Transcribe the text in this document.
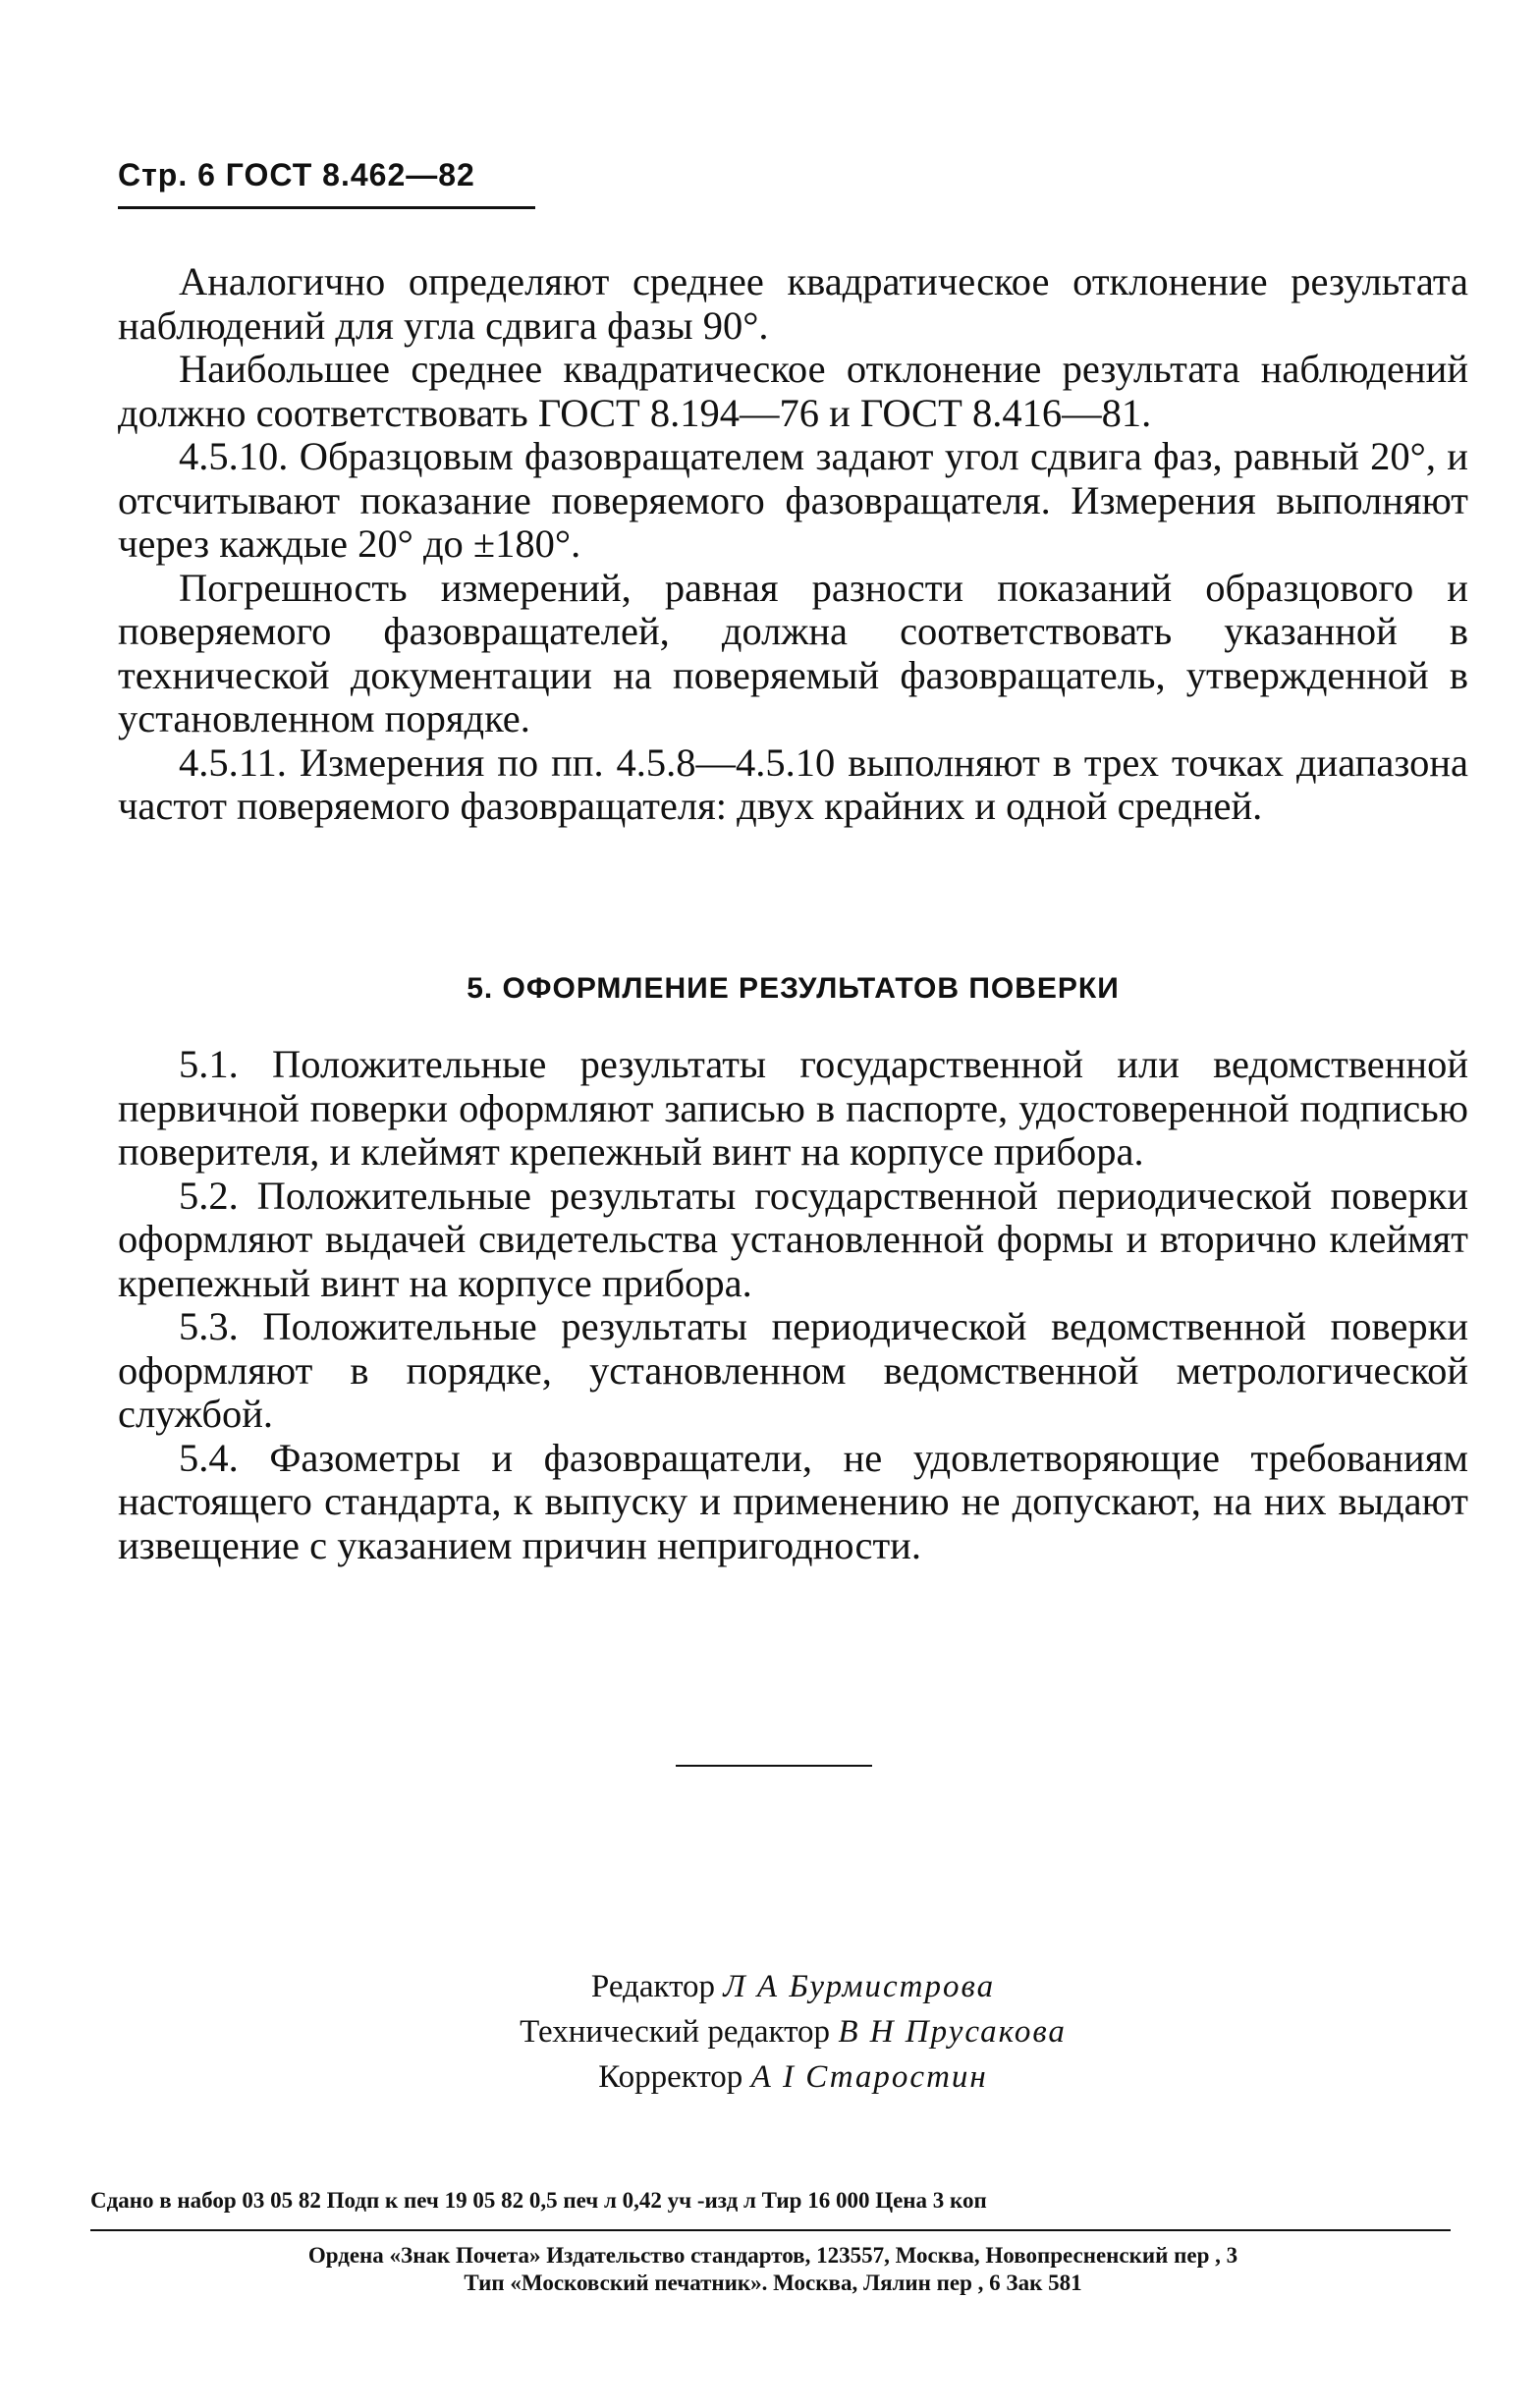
Стр. 6 ГОСТ 8.462—82

Аналогично определяют среднее квадратическое отклонение результата наблюдений для угла сдвига фазы 90°.

Наибольшее среднее квадратическое отклонение результата наблюдений должно соответствовать ГОСТ 8.194—76 и ГОСТ 8.416—81.

4.5.10. Образцовым фазовращателем задают угол сдвига фаз, равный 20°, и отсчитывают показание поверяемого фазовращателя. Измерения выполняют через каждые 20° до ±180°.

Погрешность измерений, равная разности показаний образцового и поверяемого фазовращателей, должна соответствовать указанной в технической документации на поверяемый фазовращатель, утвержденной в установленном порядке.

4.5.11. Измерения по пп. 4.5.8—4.5.10 выполняют в трех точках диапазона частот поверяемого фазовращателя: двух крайних и одной средней.

5. ОФОРМЛЕНИЕ РЕЗУЛЬТАТОВ ПОВЕРКИ

5.1. Положительные результаты государственной или ведомственной первичной поверки оформляют записью в паспорте, удостоверенной подписью поверителя, и клеймят крепежный винт на корпусе прибора.

5.2. Положительные результаты государственной периодической поверки оформляют выдачей свидетельства установленной формы и вторично клеймят крепежный винт на корпусе прибора.

5.3. Положительные результаты периодической ведомственной поверки оформляют в порядке, установленном ведомственной метрологической службой.

5.4. Фазометры и фазовращатели, не удовлетворяющие требованиям настоящего стандарта, к выпуску и применению не допускают, на них выдают извещение с указанием причин непригодности.

Редактор Л А Бурмистрова
Технический редактор В Н Прусакова
Корректор А I Старостин
Сдано в набор 03 05 82 Подп к печ 19 05 82 0,5 печ л 0,42 уч -изд л Тир 16 000 Цена 3 коп
Ордена «Знак Почета» Издательство стандартов, 123557, Москва, Новопресненский пер , 3
Тип «Московский печатник». Москва, Лялин пер , 6 Зак 581
